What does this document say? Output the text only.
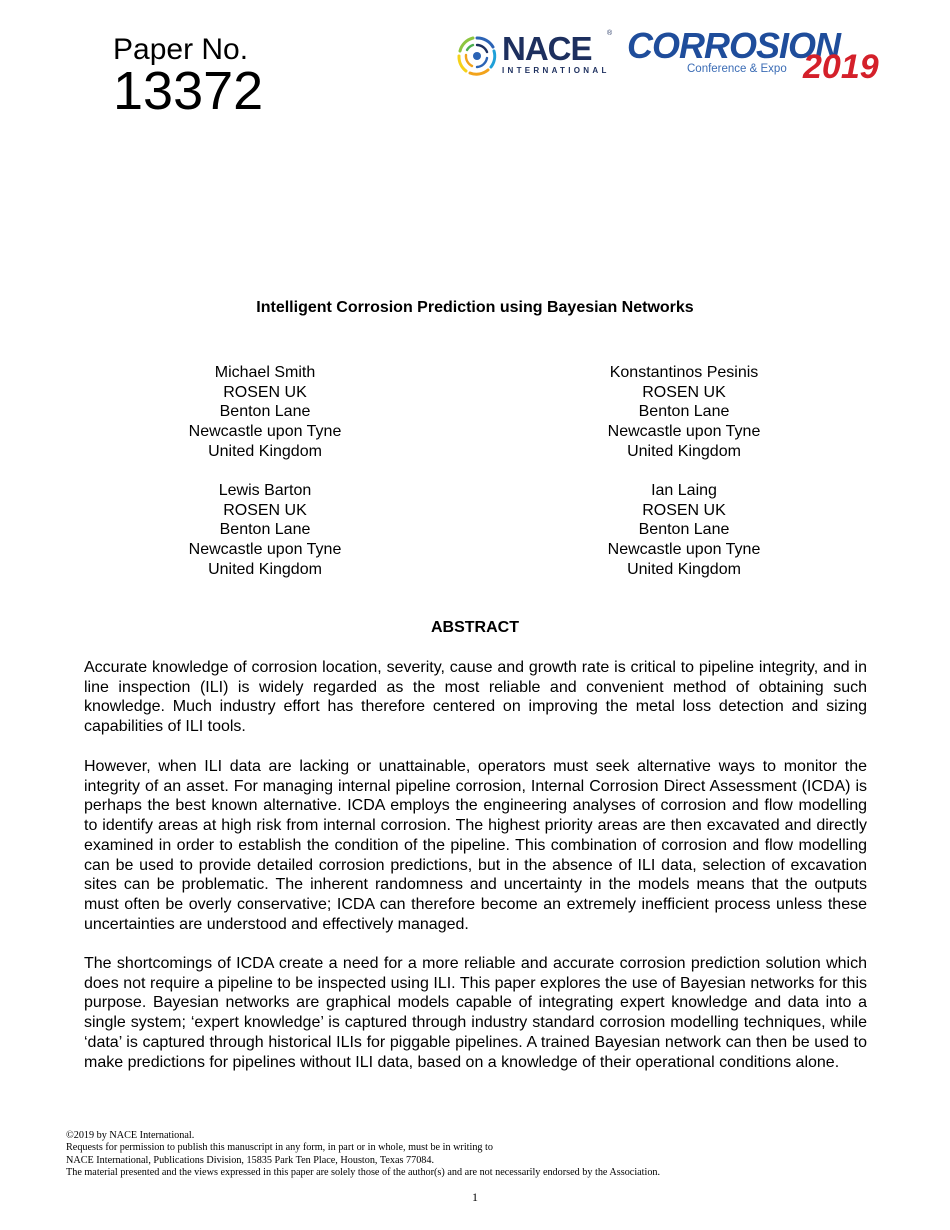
Paper No.
13372
NACE ®
INTERNATIONAL
CORROSION
Conference & Expo 2019
Intelligent Corrosion Prediction using Bayesian Networks
Michael Smith
ROSEN UK
Benton Lane
Newcastle upon Tyne
United Kingdom
Konstantinos Pesinis
ROSEN UK
Benton Lane
Newcastle upon Tyne
United Kingdom
Lewis Barton
ROSEN UK
Benton Lane
Newcastle upon Tyne
United Kingdom
Ian Laing
ROSEN UK
Benton Lane
Newcastle upon Tyne
United Kingdom
ABSTRACT
Accurate knowledge of corrosion location, severity, cause and growth rate is critical to pipeline integrity, and in line inspection (ILI) is widely regarded as the most reliable and convenient method of obtaining such knowledge. Much industry effort has therefore centered on improving the metal loss detection and sizing capabilities of ILI tools.
However, when ILI data are lacking or unattainable, operators must seek alternative ways to monitor the integrity of an asset. For managing internal pipeline corrosion, Internal Corrosion Direct Assessment (ICDA) is perhaps the best known alternative. ICDA employs the engineering analyses of corrosion and flow modelling to identify areas at high risk from internal corrosion. The highest priority areas are then excavated and directly examined in order to establish the condition of the pipeline. This combination of corrosion and flow modelling can be used to provide detailed corrosion predictions, but in the absence of ILI data, selection of excavation sites can be problematic. The inherent randomness and uncertainty in the models means that the outputs must often be overly conservative; ICDA can therefore become an extremely inefficient process unless these uncertainties are understood and effectively managed.
The shortcomings of ICDA create a need for a more reliable and accurate corrosion prediction solution which does not require a pipeline to be inspected using ILI. This paper explores the use of Bayesian networks for this purpose. Bayesian networks are graphical models capable of integrating expert knowledge and data into a single system; ‘expert knowledge’ is captured through industry standard corrosion modelling techniques, while ‘data’ is captured through historical ILIs for piggable pipelines. A trained Bayesian network can then be used to make predictions for pipelines without ILI data, based on a knowledge of their operational conditions alone.
©2019 by NACE International.
Requests for permission to publish this manuscript in any form, in part or in whole, must be in writing to
NACE International, Publications Division, 15835 Park Ten Place, Houston, Texas 77084.
The material presented and the views expressed in this paper are solely those of the author(s) and are not necessarily endorsed by the Association.
1
